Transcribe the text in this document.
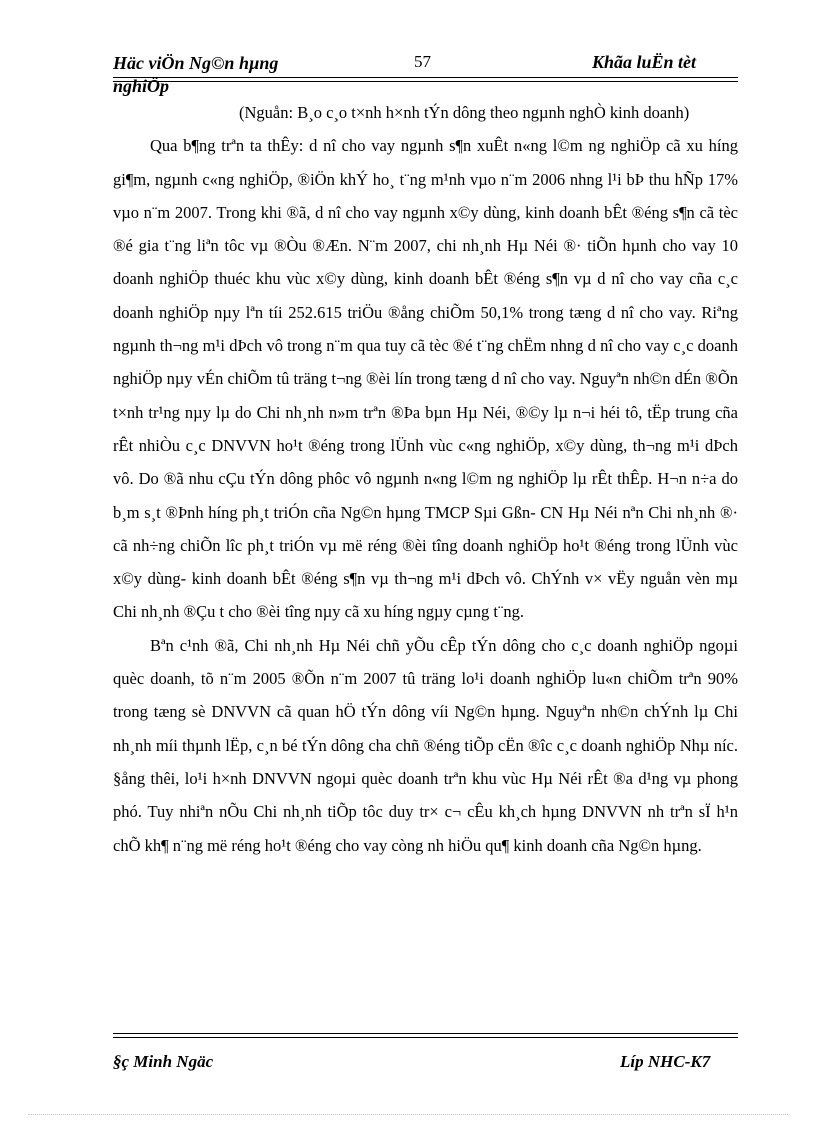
Häc viÖn Ng©n hµng
nghiÖp
57	Khãa luËn tèt

(Nguån: B¸o c¸o t×nh h×nh tÝn dông theo ngµnh nghÒ kinh doanh)

Qua b¶ng trªn ta thÊy: d nî cho vay ngµnh s¶n xuÊt n«ng l©m ng nghiÖp cã xu híng gi¶m, ngµnh c«ng nghiÖp, ®iÖn khÝ ho¸ t¨ng m¹nh vµo n¨m 2006 nhng l¹i bÞ thu hÑp 17% vµo n¨m 2007. Trong khi ®ã, d nî cho vay ngµnh x©y dùng, kinh doanh bÊt ®éng s¶n cã tèc ®é gia t¨ng liªn tôc vµ ®Òu ®Æn. N¨m 2007, chi nh¸nh Hµ Néi ®· tiÕn hµnh cho vay 10 doanh nghiÖp thuéc khu vùc x©y dùng, kinh doanh bÊt ®éng s¶n vµ d nî cho vay cña c¸c doanh nghiÖp nµy lªn tíi 252.615 triÖu ®ång chiÕm 50,1% trong tæng d nî cho vay. Riªng ngµnh th¬ng m¹i dÞch vô trong n¨m qua tuy cã tèc ®é t¨ng chËm nhng d nî cho vay c¸c doanh nghiÖp nµy vÉn chiÕm tû träng t¬ng ®èi lín trong tæng d nî cho vay. Nguyªn nh©n dÉn ®Õn t×nh tr¹ng nµy lµ do Chi nh¸nh n»m trªn ®Þa bµn Hµ Néi, ®©y lµ n¬i héi tô, tËp trung cña rÊt nhiÒu c¸c DNVVN ho¹t ®éng trong lÜnh vùc c«ng nghiÖp, x©y dùng, th¬ng m¹i dÞch vô. Do ®ã nhu cÇu tÝn dông phôc vô ngµnh n«ng l©m ng nghiÖp lµ rÊt thÊp. H¬n n÷a do b¸m s¸t ®Þnh híng ph¸t triÓn cña Ng©n hµng TMCP Sµi Gßn- CN Hµ Néi nªn Chi nh¸nh ®· cã nh÷ng chiÕn lîc ph¸t triÓn vµ më réng ®èi tîng doanh nghiÖp ho¹t ®éng trong lÜnh vùc x©y dùng- kinh doanh bÊt ®éng s¶n vµ th¬ng m¹i dÞch vô. ChÝnh v× vËy nguån vèn mµ Chi nh¸nh ®Çu t cho ®èi tîng nµy cã xu híng ngµy cµng t¨ng.

Bªn c¹nh ®ã, Chi nh¸nh Hµ Néi chñ yÕu cÊp tÝn dông cho c¸c doanh nghiÖp ngoµi quèc doanh, tõ n¨m 2005 ®Õn n¨m 2007 tû träng lo¹i doanh nghiÖp lu«n chiÕm trªn 90% trong tæng sè DNVVN cã quan hÖ tÝn dông víi Ng©n hµng. Nguyªn nh©n chÝnh lµ Chi nh¸nh míi thµnh lËp, c¸n bé tÝn dông cha chñ ®éng tiÕp cËn ®îc c¸c doanh nghiÖp Nhµ níc. §ång thêi, lo¹i h×nh DNVVN ngoµi quèc doanh trªn khu vùc Hµ Néi rÊt ®a d¹ng vµ phong phó. Tuy nhiªn nÕu Chi nh¸nh tiÕp tôc duy tr× c¬ cÊu kh¸ch hµng DNVVN nh trªn sÏ h¹n chÕ kh¶ n¨ng më réng ho¹t ®éng cho vay còng nh hiÖu qu¶ kinh doanh cña Ng©n hµng.

§ç Minh Ngäc	Líp NHC-K7
